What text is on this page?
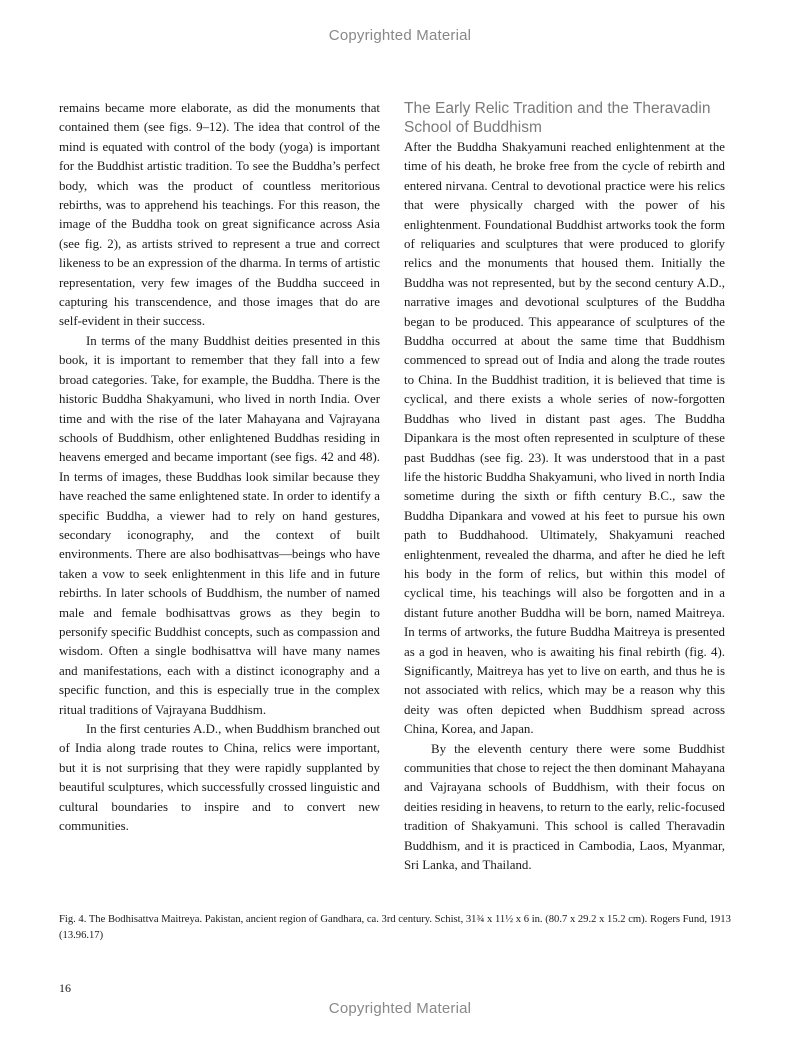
Copyrighted Material

remains became more elaborate, as did the monuments that contained them (see figs. 9–12). The idea that control of the mind is equated with control of the body (yoga) is important for the Buddhist artistic tradition. To see the Buddha’s perfect body, which was the product of countless meritorious rebirths, was to apprehend his teachings. For this reason, the image of the Buddha took on great significance across Asia (see fig. 2), as artists strived to represent a true and correct likeness to be an expression of the dharma. In terms of artistic representation, very few images of the Buddha succeed in capturing his transcendence, and those images that do are self-evident in their success.

In terms of the many Buddhist deities presented in this book, it is important to remember that they fall into a few broad categories. Take, for example, the Buddha. There is the historic Buddha Shakyamuni, who lived in north India. Over time and with the rise of the later Mahayana and Vajrayana schools of Buddhism, other enlightened Buddhas residing in heavens emerged and became important (see figs. 42 and 48). In terms of images, these Buddhas look similar because they have reached the same enlightened state. In order to identify a specific Buddha, a viewer had to rely on hand gestures, secondary iconography, and the context of built environments. There are also bodhisattvas—beings who have taken a vow to seek enlightenment in this life and in future rebirths. In later schools of Buddhism, the number of named male and female bodhisattvas grows as they begin to personify specific Buddhist concepts, such as compassion and wisdom. Often a single bodhisattva will have many names and manifestations, each with a distinct iconography and a specific function, and this is especially true in the complex ritual traditions of Vajrayana Buddhism.

In the first centuries A.D., when Buddhism branched out of India along trade routes to China, relics were important, but it is not surprising that they were rapidly supplanted by beautiful sculptures, which successfully crossed linguistic and cultural boundaries to inspire and to convert new communities.

The Early Relic Tradition and the Theravadin School of Buddhism

After the Buddha Shakyamuni reached enlightenment at the time of his death, he broke free from the cycle of rebirth and entered nirvana. Central to devotional practice were his relics that were physically charged with the power of his enlightenment. Foundational Buddhist artworks took the form of reliquaries and sculptures that were produced to glorify relics and the monuments that housed them. Initially the Buddha was not represented, but by the second century A.D., narrative images and devotional sculptures of the Buddha began to be produced. This appearance of sculptures of the Buddha occurred at about the same time that Buddhism commenced to spread out of India and along the trade routes to China. In the Buddhist tradition, it is believed that time is cyclical, and there exists a whole series of now-forgotten Buddhas who lived in distant past ages. The Buddha Dipankara is the most often represented in sculpture of these past Buddhas (see fig. 23). It was understood that in a past life the historic Buddha Shakyamuni, who lived in north India sometime during the sixth or fifth century B.C., saw the Buddha Dipankara and vowed at his feet to pursue his own path to Buddhahood. Ultimately, Shakyamuni reached enlightenment, revealed the dharma, and after he died he left his body in the form of relics, but within this model of cyclical time, his teachings will also be forgotten and in a distant future another Buddha will be born, named Maitreya. In terms of artworks, the future Buddha Maitreya is presented as a god in heaven, who is awaiting his final rebirth (fig. 4). Significantly, Maitreya has yet to live on earth, and thus he is not associated with relics, which may be a reason why this deity was often depicted when Buddhism spread across China, Korea, and Japan.

By the eleventh century there were some Buddhist communities that chose to reject the then dominant Mahayana and Vajrayana schools of Buddhism, with their focus on deities residing in heavens, to return to the early, relic-focused tradition of Shakyamuni. This school is called Theravadin Buddhism, and it is practiced in Cambodia, Laos, Myanmar, Sri Lanka, and Thailand.

Fig. 4. The Bodhisattva Maitreya. Pakistan, ancient region of Gandhara, ca. 3rd century. Schist, 31¾ x 11½ x 6 in. (80.7 x 29.2 x 15.2 cm). Rogers Fund, 1913 (13.96.17)
16
Copyrighted Material
